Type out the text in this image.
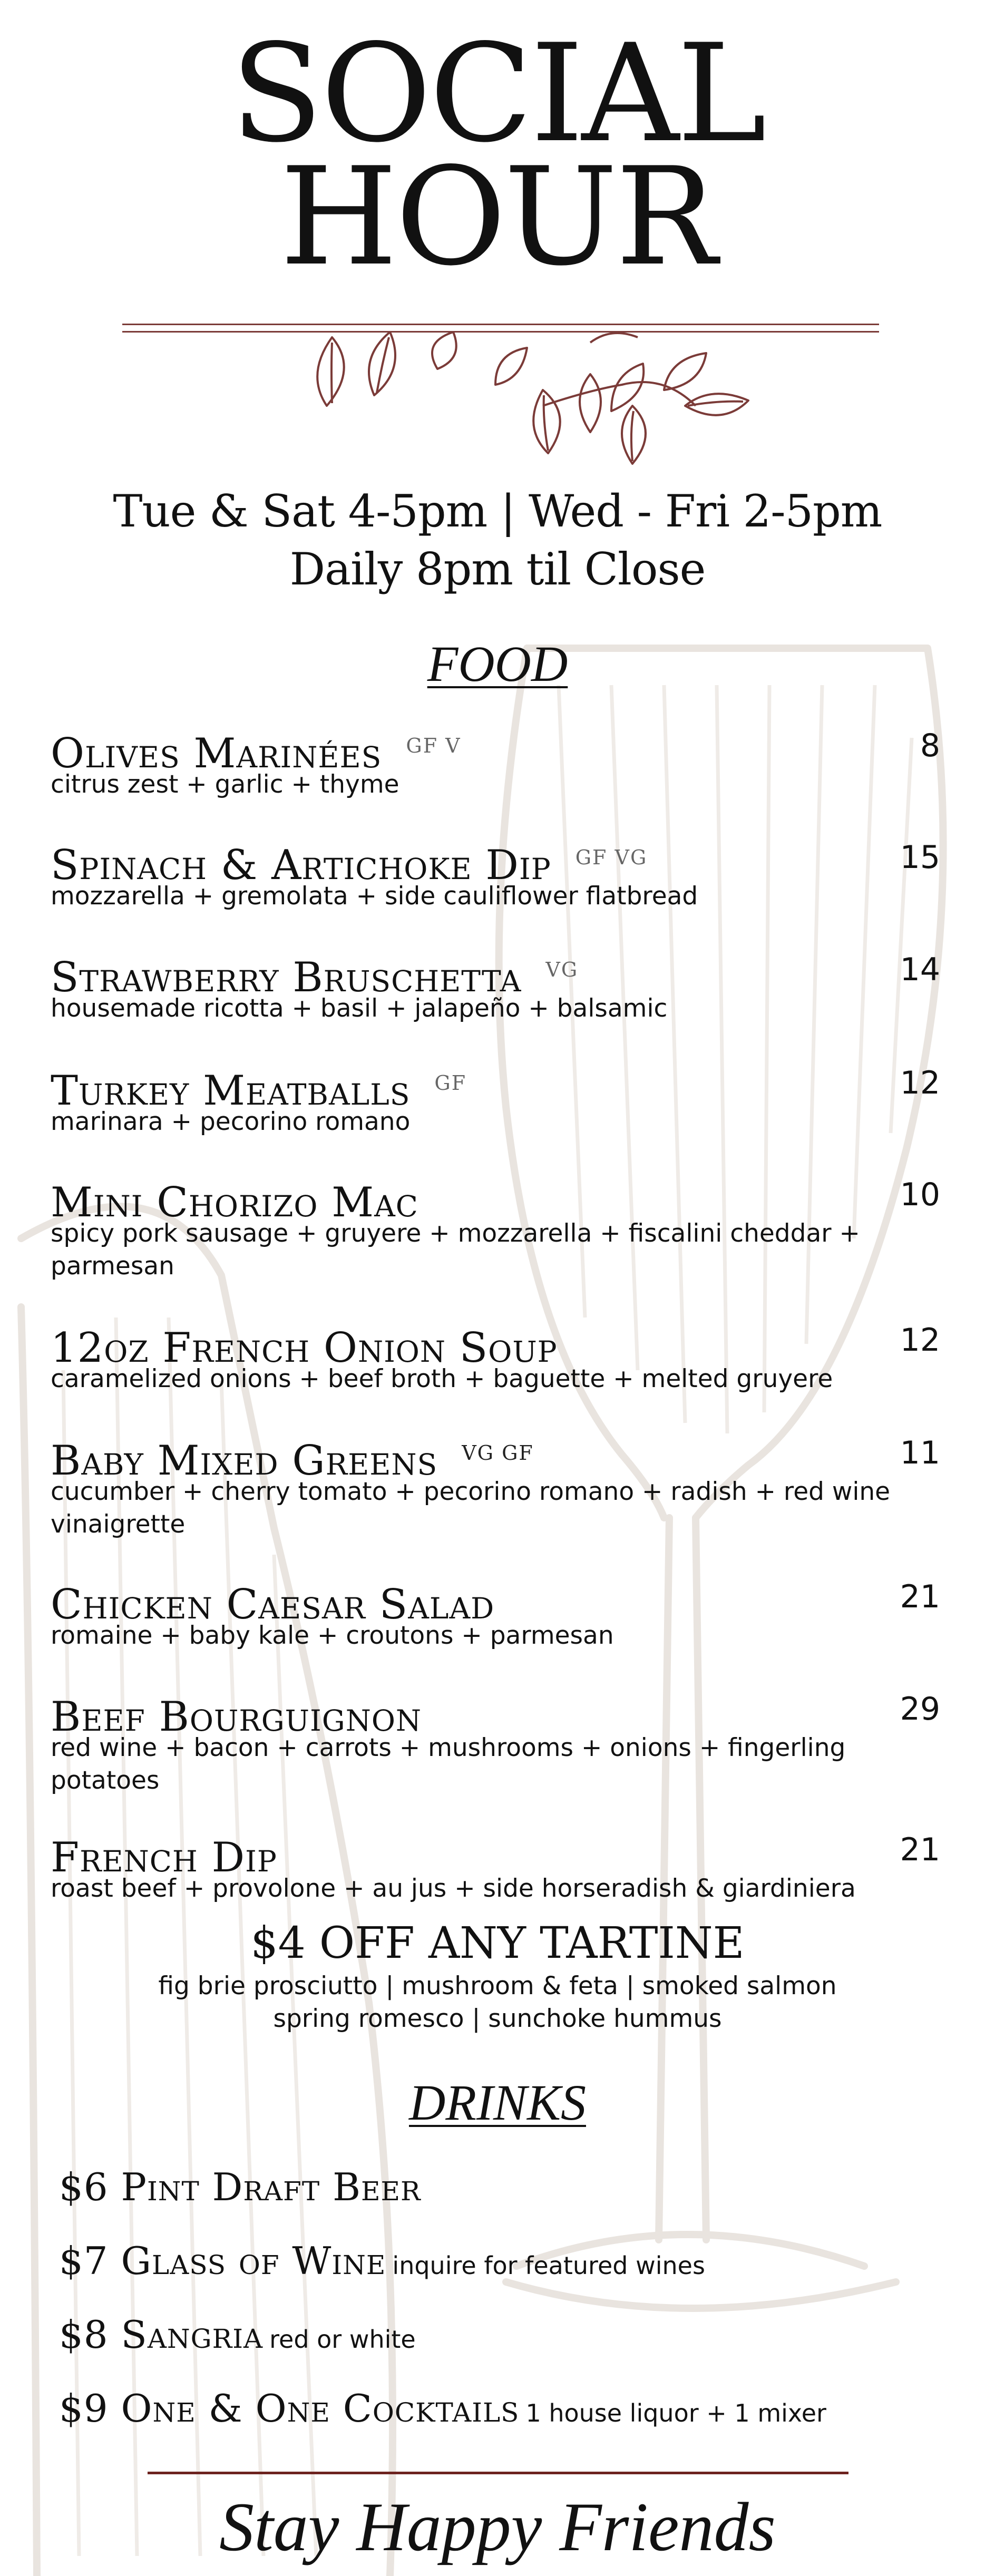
SOCIAL
HOUR
Tue & Sat 4-5pm | Wed - Fri 2-5pm
Daily 8pm til Close
FOOD
Olives Marinées $^{GF V}$	8
citrus zest + garlic + thyme
Spinach & Artichoke Dip $^{GF VG}$	15
mozzarella + gremolata + side cauliflower flatbread
Strawberry Bruschetta $^{VG}$	14
housemade ricotta + basil + jalapeño + balsamic
Turkey Meatballs $^{GF}$	12
marinara + pecorino romano
Mini Chorizo Mac	10
spicy pork sausage + gruyere + mozzarella + fiscalini cheddar + parmesan
12oz French Onion Soup	12
caramelized onions + beef broth + baguette + melted gruyere
Baby Mixed Greens $^{VG GF}$	11
cucumber + cherry tomato + pecorino romano + radish + red wine vinaigrette
Chicken Caesar Salad	21
romaine + baby kale + croutons + parmesan
Beef Bourguignon	29
red wine + bacon + carrots + mushrooms + onions + fingerling potatoes
French Dip	21
roast beef + provolone + au jus + side horseradish & giardiniera
$4 OFF ANY TARTINE
fig brie prosciutto | mushroom & feta | smoked salmon
spring romesco | sunchoke hummus
DRINKS
$6 Pint Draft Beer
$7 Glass of Wine inquire for featured wines
$8 Sangria red or white
$9 One & One Cocktails 1 house liquor + 1 mixer
Stay Happy Friends
